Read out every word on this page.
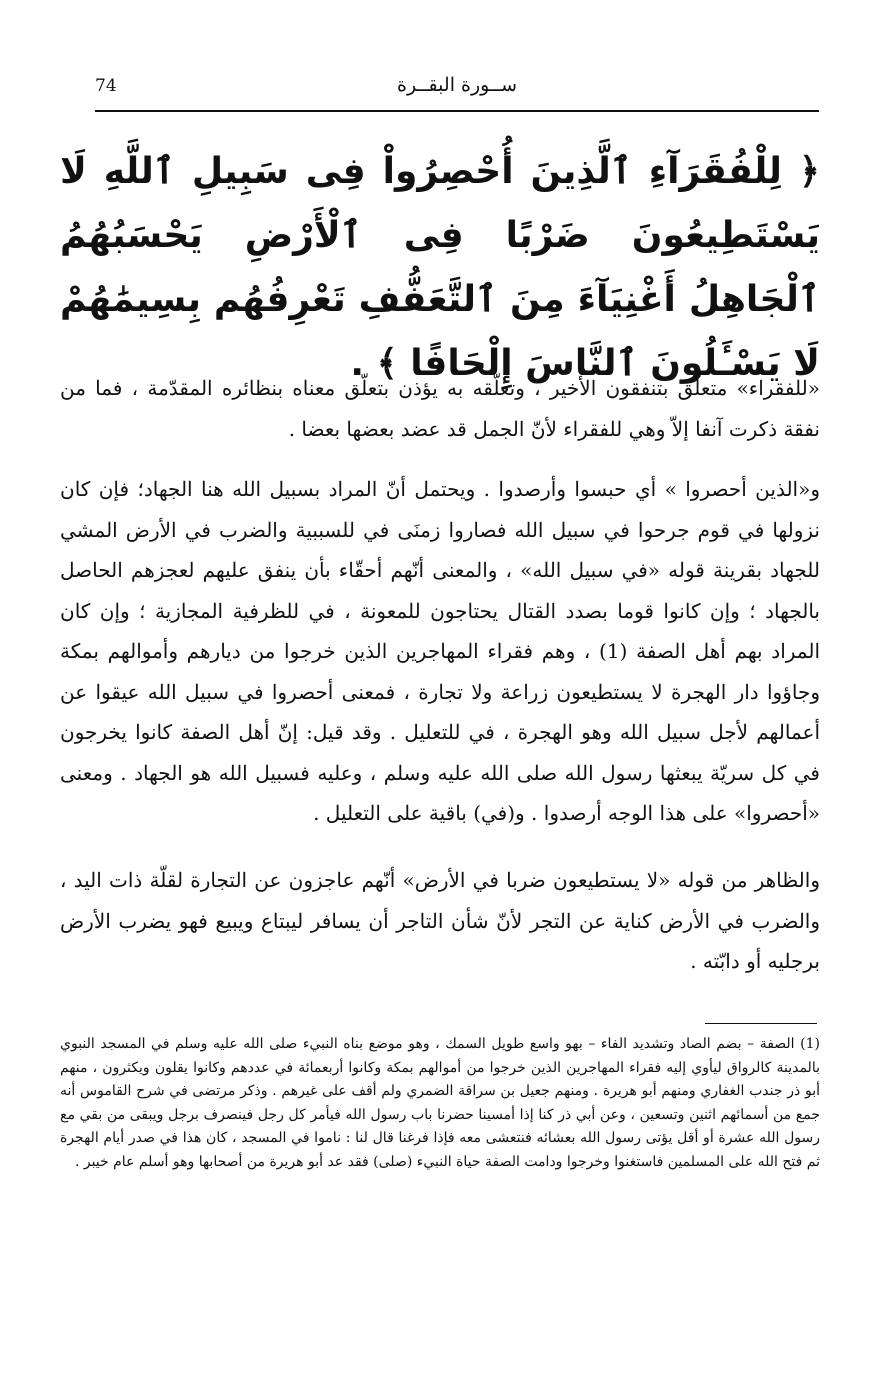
74	ســورة البقــرة
﴿ لِلْفُقَرَآءِ ٱلَّذِينَ أُحْصِرُواْ فِى سَبِيلِ ٱللَّهِ لَا يَسْتَطِيعُونَ ضَرْبًا فِى ٱلْأَرْضِ يَحْسَبُهُمُ ٱلْجَاهِلُ أَغْنِيَآءَ مِنَ ٱلتَّعَفُّفِ تَعْرِفُهُم بِسِيمَٰهُمْ لَا يَسْـَٔلُونَ ٱلنَّاسَ إِلْحَافًا ﴾ .
«للفقراء» متعلّق بتنفقون الأخير ، وتعلّقه به يؤذن بتعلّق معناه بنظائره المقدّمة ، فما من نفقة ذكرت آنفا إلاّ وهي للفقراء لأنّ الجمل قد عضد بعضها بعضا .
و«الذين أحصروا » أي حبسوا وأرصدوا . ويحتمل أنّ المراد بسبيل الله هنا الجهاد؛ فإن كان نزولها في قوم جرحوا في سبيل الله فصاروا زمنَى في للسببية والضرب في الأرض المشي للجهاد بقرينة قوله «في سبيل الله» ، والمعنى أنّهم أحقّاء بأن ينفق عليهم لعجزهم الحاصل بالجهاد ؛ وإن كانوا قوما بصدد القتال يحتاجون للمعونة ، في للظرفية المجازية ؛ وإن كان المراد بهم أهل الصفة (1) ، وهم فقراء المهاجرين الذين خرجوا من ديارهم وأموالهم بمكة وجاؤوا دار الهجرة لا يستطيعون زراعة ولا تجارة ، فمعنى أحصروا في سبيل الله عيقوا عن أعمالهم لأجل سبيل الله وهو الهجرة ، في للتعليل . وقد قيل: إنّ أهل الصفة كانوا يخرجون في كل سريّة يبعثها رسول الله صلى الله عليه وسلم ، وعليه فسبيل الله هو الجهاد . ومعنى «أحصروا» على هذا الوجه أرصدوا . و(في) باقية على التعليل .
والظاهر من قوله «لا يستطيعون ضربا في الأرض» أنّهم عاجزون عن التجارة لقلّة ذات اليد ، والضرب في الأرض كناية عن التجر لأنّ شأن التاجر أن يسافر ليبتاع ويبيع فهو يضرب الأرض برجليه أو دابّته .
(1) الصفة – بضم الصاد وتشديد الفاء – بهو واسع طويل السمك ، وهو موضع بناه النبيء صلى الله عليه وسلم في المسجد النبوي بالمدينة كالرواق ليأوي إليه فقراء المهاجرين الذين خرجوا من أموالهم بمكة وكانوا أربعمائة في عددهم وكانوا يقلون ويكثرون ، منهم أبو ذر جندب الغفاري ومنهم أبو هريرة . ومنهم جعيل بن سراقة الضمري ولم أقف على غيرهم . وذكر مرتضى في شرح القاموس أنه جمع من أسمائهم اثنين وتسعين ، وعن أبي ذر كنا إذا أمسينا حضرنا باب رسول الله فيأمر كل رجل فينصرف برجل ويبقى من بقي مع رسول الله عشرة أو أقل يؤتى رسول الله بعشائه فنتعشى معه فإذا فرغنا قال لنا : ناموا في المسجد ، كان هذا في صدر أيام الهجرة ثم فتح الله على المسلمين فاستغنوا وخرجوا ودامت الصفة حياة النبيء (صلى) فقد عد أبو هريرة من أصحابها وهو أسلم عام خيبر .
